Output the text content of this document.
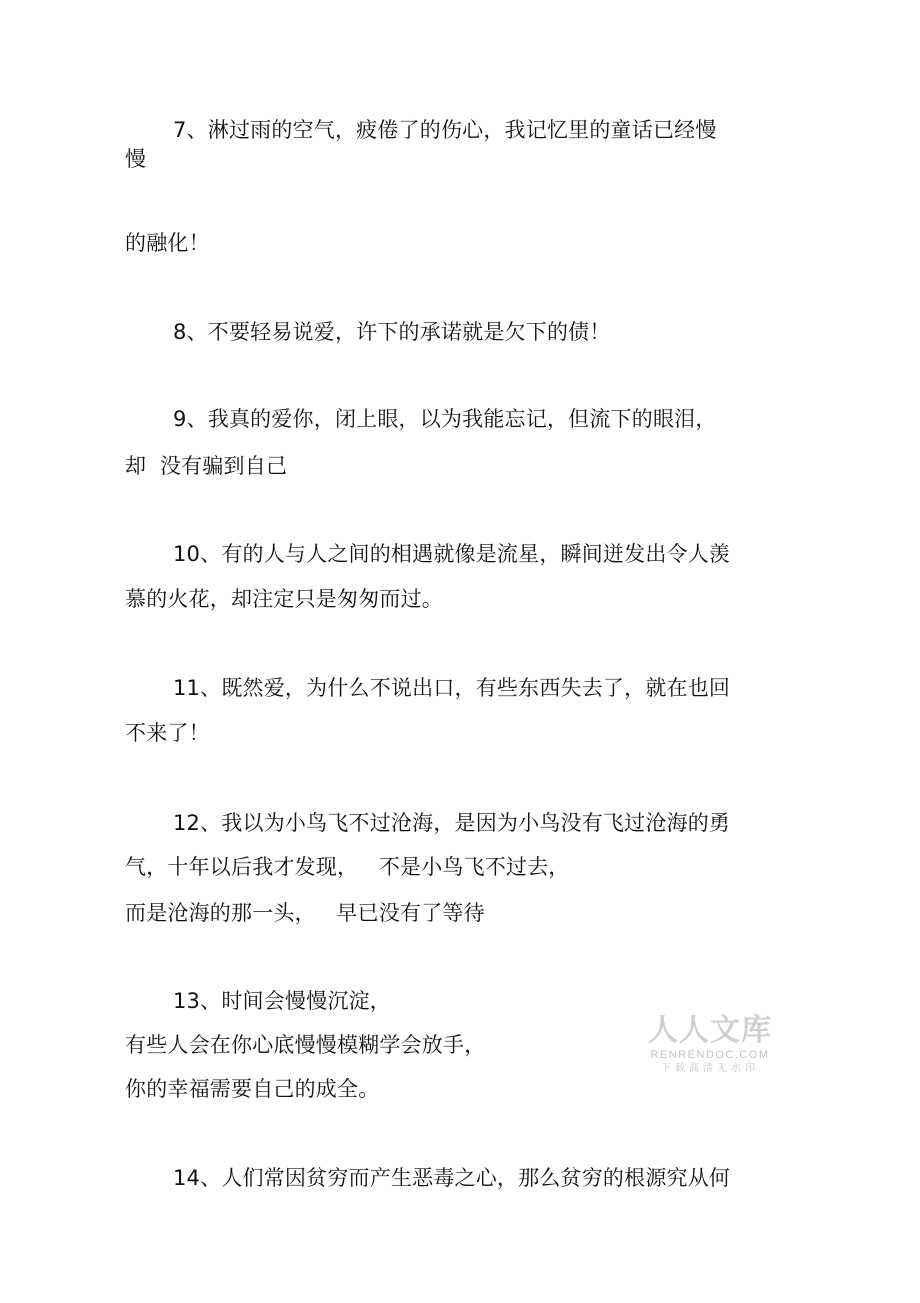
7、淋过雨的空气，疲倦了的伤心，我记忆里的童话已经慢
慢
的融化！
8、不要轻易说爱，许下的承诺就是欠下的债！
9、我真的爱你，闭上眼，以为我能忘记，但流下的眼泪，
却  没有骗到自己
10、有的人与人之间的相遇就像是流星，瞬间迸发出令人羡
慕的火花，却注定只是匆匆而过。
11、既然爱，为什么不说出口，有些东西失去了，就在也回
不来了！
12、我以为小鸟飞不过沧海，是因为小鸟没有飞过沧海的勇
气，十年以后我才发现，   不是小鸟飞不过去，
而是沧海的那一头，   早已没有了等待
13、时间会慢慢沉淀，
有些人会在你心底慢慢模糊学会放手，
你的幸福需要自己的成全。
14、人们常因贫穷而产生恶毒之心，那么贫穷的根源究从何
人人文库
RENRENDOC.COM
下载高清无水印
